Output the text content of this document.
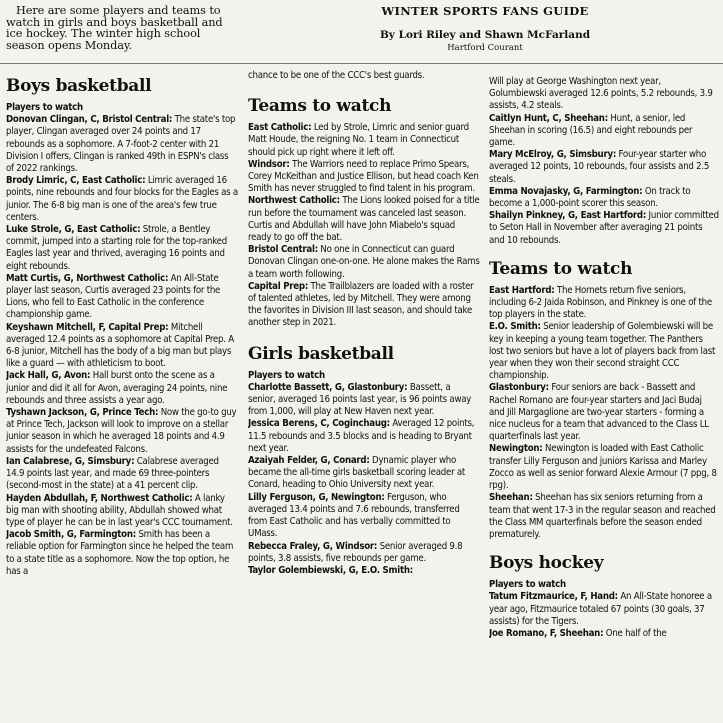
Here are some players and teams to watch in girls and boys basketball and ice hockey. The winter high school season opens Monday.

WINTER SPORTS FANS GUIDE
By Lori Riley and Shawn McFarland
Hartford Courant
Boys basketball
Players to watch

Donovan Clingan, C, Bristol Central: The state's top player, Clingan averaged over 24 points and 17 rebounds as a sophomore. A 7-foot-2 center with 21 Division I offers, Clingan is ranked 49th in ESPN's class of 2022 rankings.

Brody Limric, C, East Catholic: Limric averaged 16 points, nine rebounds and four blocks for the Eagles as a junior. The 6-8 big man is one of the area's few true centers.

Luke Strole, G, East Catholic: Strole, a Bentley commit, jumped into a starting role for the top-ranked Eagles last year and thrived, averaging 16 points and eight rebounds.

Matt Curtis, G, Northwest Catholic: An All-State player last season, Curtis averaged 23 points for the Lions, who fell to East Catholic in the conference championship game.

Keyshawn Mitchell, F, Capital Prep: Mitchell averaged 12.4 points as a sophomore at Capital Prep. A 6-8 junior, Mitchell has the body of a big man but plays like a guard — with athleticism to boot.

Jack Hall, G, Avon: Hall burst onto the scene as a junior and did it all for Avon, averaging 24 points, nine rebounds and three assists a year ago.

Tyshawn Jackson, G, Prince Tech: Now the go-to guy at Prince Tech, Jackson will look to improve on a stellar junior season in which he averaged 18 points and 4.9 assists for the undefeated Falcons.

Ian Calabrese, G, Simsbury: Calabrese averaged 14.9 points last year, and made 69 three-pointers (second-most in the state) at a 41 percent clip.

Hayden Abdullah, F, Northwest Catholic: A lanky big man with shooting ability, Abdullah showed what type of player he can be in last year's CCC tournament.

Jacob Smith, G, Farmington: Smith has been a reliable option for Farmington since he helped the team to a state title as a sophomore. Now the top option, he has a

chance to be one of the CCC's best guards.

Teams to watch

East Catholic: Led by Strole, Limric and senior guard Matt Houde, the reigning No. 1 team in Connecticut should pick up right where it left off.

Windsor: The Warriors need to replace Primo Spears, Corey McKeithan and Justice Ellison, but head coach Ken Smith has never struggled to find talent in his program.

Northwest Catholic: The Lions looked poised for a title run before the tournament was canceled last season. Curtis and Abdullah will have John Miabelo's squad ready to go off the bat.

Bristol Central: No one in Connecticut can guard Donovan Clingan one-on-one. He alone makes the Rams a team worth following.

Capital Prep: The Trailblazers are loaded with a roster of talented athletes, led by Mitchell. They were among the favorites in Division III last season, and should take another step in 2021.

Girls basketball
Players to watch

Charlotte Bassett, G, Glastonbury: Bassett, a senior, averaged 16 points last year, is 96 points away from 1,000, will play at New Haven next year.

Jessica Berens, C, Coginchaug: Averaged 12 points, 11.5 rebounds and 3.5 blocks and is heading to Bryant next year.

Azaiyah Felder, G, Conard: Dynamic player who became the all-time girls basketball scoring leader at Conard, heading to Ohio University next year.

Lilly Ferguson, G, Newington: Ferguson, who averaged 13.4 points and 7.6 rebounds, transferred from East Catholic and has verbally committed to UMass.

Rebecca Fraley, G, Windsor: Senior averaged 9.8 points, 3.8 assists, five rebounds per game.

Taylor Golembiewski, G, E.O. Smith:

Will play at George Washington next year, Golumbiewski averaged 12.6 points, 5.2 rebounds, 3.9 assists, 4.2 steals.

Caitlyn Hunt, C, Sheehan: Hunt, a senior, led Sheehan in scoring (16.5) and eight rebounds per game.

Mary McElroy, G, Simsbury: Four-year starter who averaged 12 points, 10 rebounds, four assists and 2.5 steals.

Emma Novajasky, G, Farmington: On track to become a 1,000-point scorer this season.

Shailyn Pinkney, G, East Hartford: Junior committed to Seton Hall in November after averaging 21 points and 10 rebounds.

Teams to watch

East Hartford: The Hornets return five seniors, including 6-2 Jaida Robinson, and Pinkney is one of the top players in the state.

E.O. Smith: Senior leadership of Golembiewski will be key in keeping a young team together. The Panthers lost two seniors but have a lot of players back from last year when they won their second straight CCC championship.

Glastonbury: Four seniors are back - Bassett and Rachel Romano are four-year starters and Jaci Budaj and Jill Margaglione are two-year starters - forming a nice nucleus for a team that advanced to the Class LL quarterfinals last year.

Newington: Newington is loaded with East Catholic transfer Lilly Ferguson and juniors Karissa and Marley Zocco as well as senior forward Alexie Armour (7 ppg, 8 rpg).

Sheehan: Sheehan has six seniors returning from a team that went 17-3 in the regular season and reached the Class MM quarterfinals before the season ended prematurely.

Boys hockey
Players to watch

Tatum Fitzmaurice, F, Hand: An All-State honoree a year ago, Fitzmaurice totaled 67 points (30 goals, 37 assists) for the Tigers.

Joe Romano, F, Sheehan: One half of the
